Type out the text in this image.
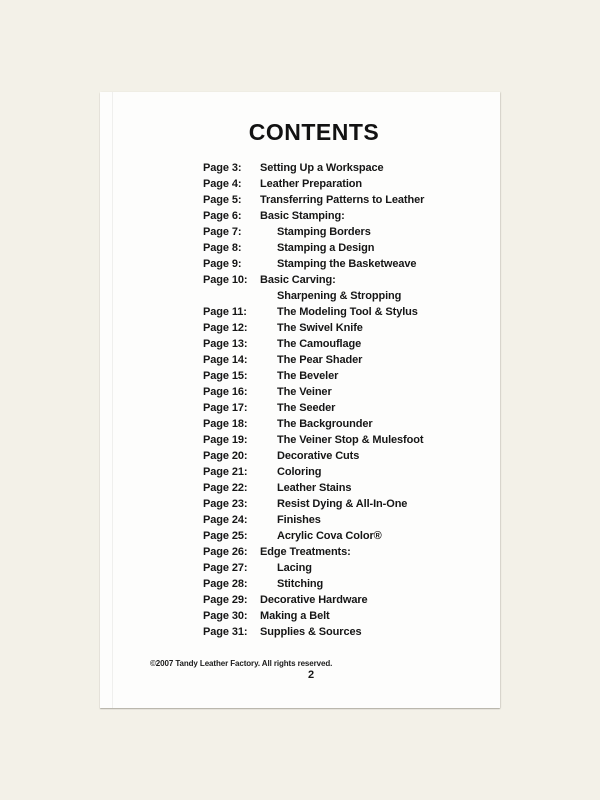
CONTENTS
Page 3:	Setting Up a Workspace
Page 4:	Leather Preparation
Page 5:	Transferring Patterns to Leather
Page 6:	Basic Stamping:
Page 7:	Stamping Borders
Page 8:	Stamping a Design
Page 9:	Stamping the Basketweave
Page 10:	Basic Carving:
Sharpening & Stropping
Page 11:	The Modeling Tool & Stylus
Page 12:	The Swivel Knife
Page 13:	The Camouflage
Page 14:	The Pear Shader
Page 15:	The Beveler
Page 16:	The Veiner
Page 17:	The Seeder
Page 18:	The Backgrounder
Page 19:	The Veiner Stop & Mulesfoot
Page 20:	Decorative Cuts
Page 21:	Coloring
Page 22:	Leather Stains
Page 23:	Resist Dying & All-In-One
Page 24:	Finishes
Page 25:	Acrylic Cova Color®
Page 26:	Edge Treatments:
Page 27:	Lacing
Page 28:	Stitching
Page 29:	Decorative Hardware
Page 30:	Making a Belt
Page 31:	Supplies & Sources
©2007 Tandy Leather Factory. All rights reserved.
2
